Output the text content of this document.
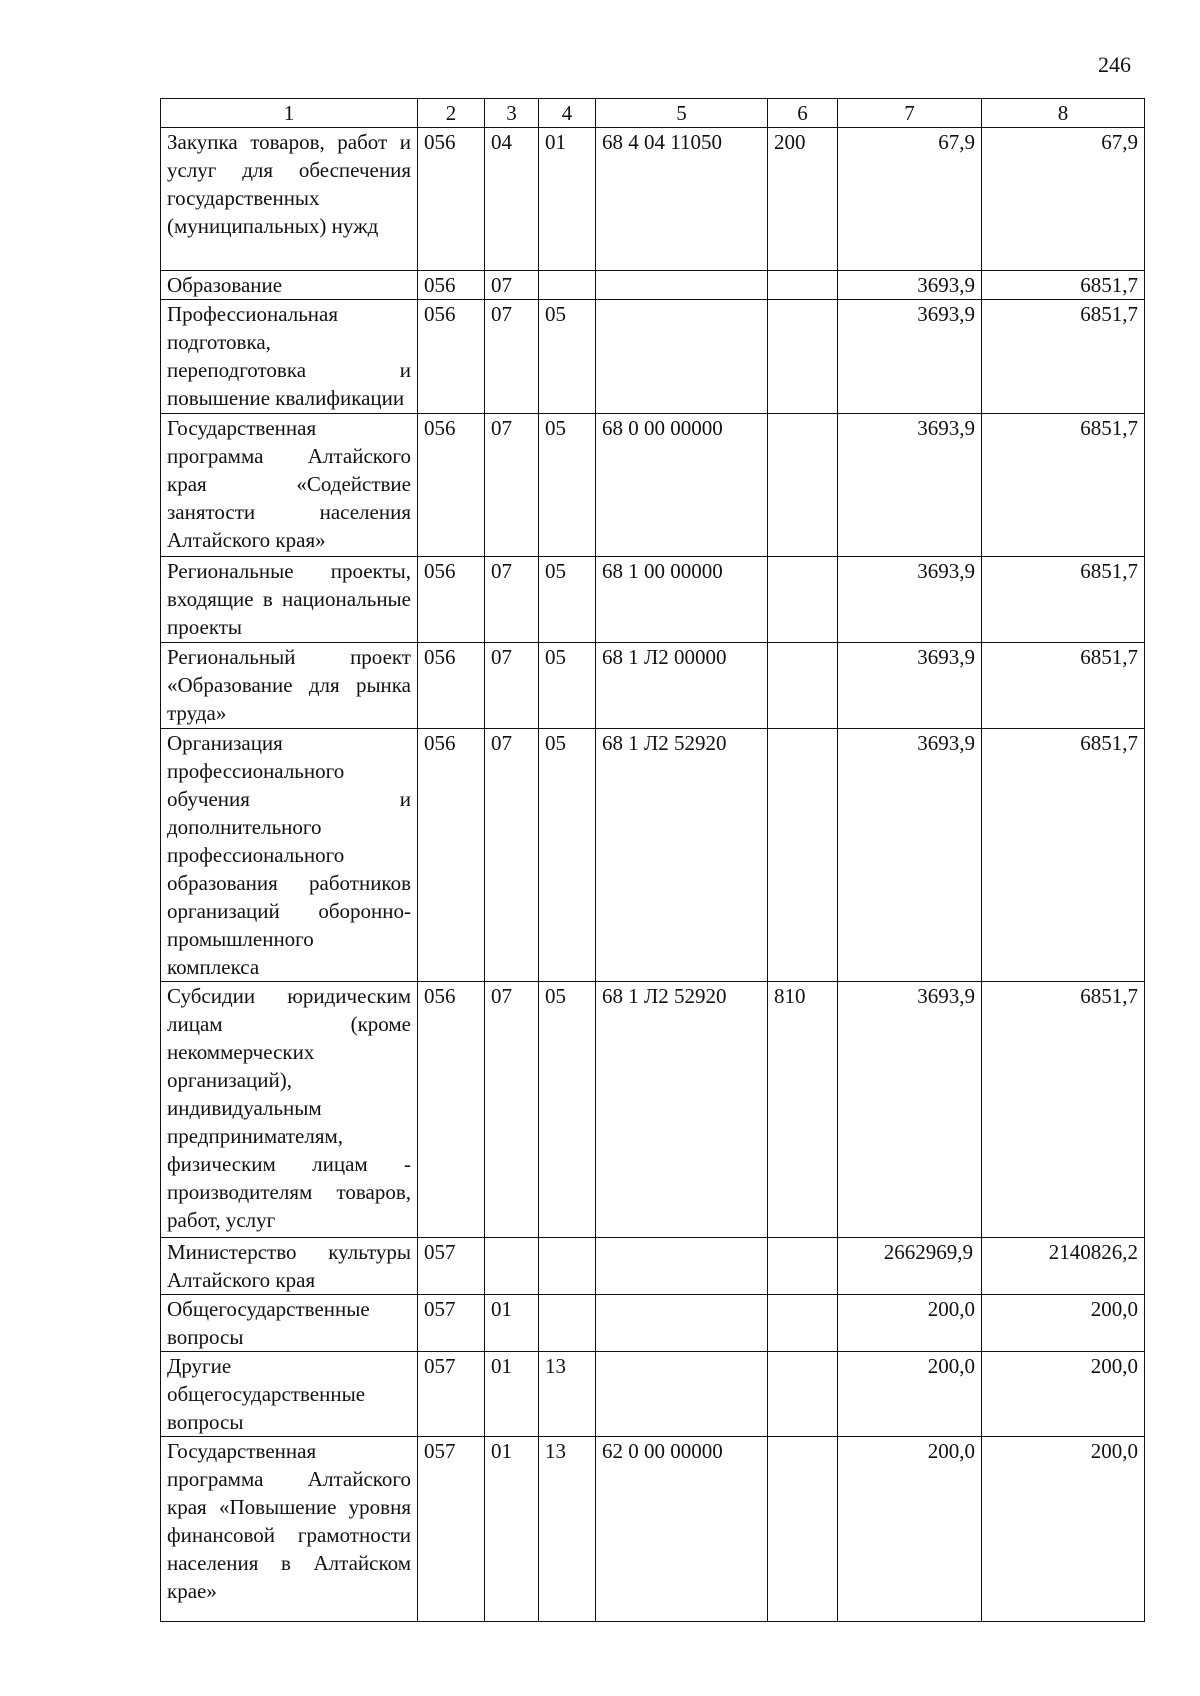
246
1	2	3	4	5	6	7	8
Закупка товаров, работ и услуг для обеспечения государственных (муниципальных) нужд	056	04	01	68 4 04 11050	200	67,9	67,9
Образование	056	07				3693,9	6851,7
Профессиональная подготовка, переподготовка и повышение квалификации	056	07	05			3693,9	6851,7
Государственная программа Алтайского края «Содействие занятости населения Алтайского края»	056	07	05	68 0 00 00000		3693,9	6851,7
Региональные проекты, входящие в национальные проекты	056	07	05	68 1 00 00000		3693,9	6851,7
Региональный проект «Образование для рынка труда»	056	07	05	68 1 Л2 00000		3693,9	6851,7
Организация профессионального обучения и дополнительного профессионального образования работников организаций оборонно-промышленного комплекса	056	07	05	68 1 Л2 52920		3693,9	6851,7
Субсидии юридическим лицам (кроме некоммерческих организаций), индивидуальным предпринимателям, физическим лицам - производителям товаров, работ, услуг	056	07	05	68 1 Л2 52920	810	3693,9	6851,7
Министерство культуры Алтайского края	057					2662969,9	2140826,2
Общегосударственные вопросы	057	01				200,0	200,0
Другие общегосударственные вопросы	057	01	13			200,0	200,0
Государственная программа Алтайского края «Повышение уровня финансовой грамотности населения в Алтайском крае»	057	01	13	62 0 00 00000		200,0	200,0
